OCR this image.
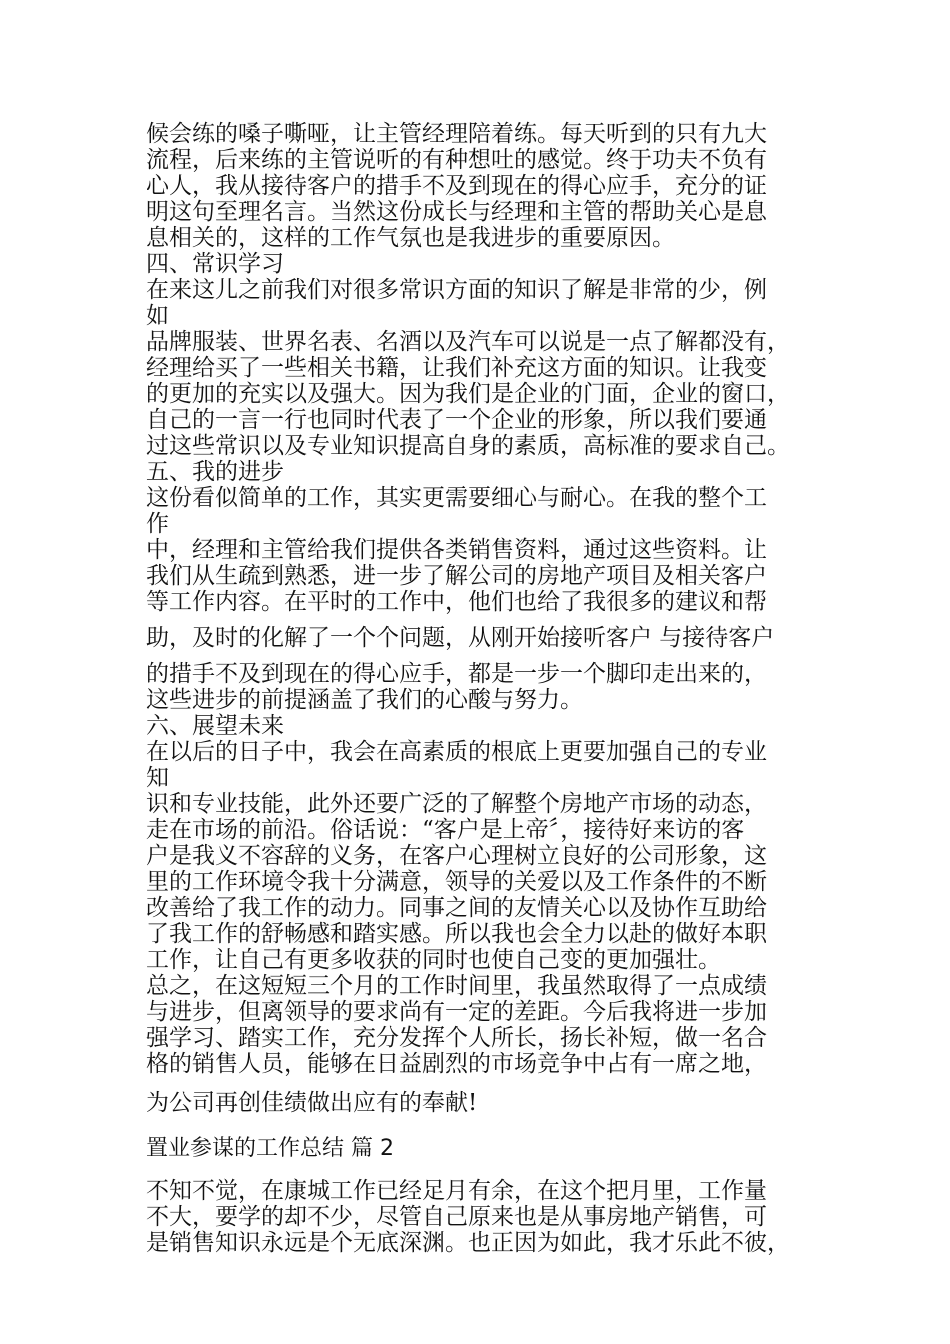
候会练的嗓子嘶哑，让主管经理陪着练。每天听到的只有九大
流程，后来练的主管说听的有种想吐的感觉。终于功夫不负有
心人，我从接待客户的措手不及到现在的得心应手，充分的证
明这句至理名言。当然这份成长与经理和主管的帮助关心是息
息相关的，这样的工作气氛也是我进步的重要原因。
四、常识学习
在来这儿之前我们对很多常识方面的知识了解是非常的少，例
如
品牌服装、世界名表、名酒以及汽车可以说是一点了解都没有，
经理给买了一些相关书籍，让我们补充这方面的知识。让我变
的更加的充实以及强大。因为我们是企业的门面，企业的窗口，
自己的一言一行也同时代表了一个企业的形象，所以我们要通
过这些常识以及专业知识提高自身的素质，高标准的要求自己。
五、我的进步
这份看似简单的工作，其实更需要细心与耐心。在我的整个工
作
中，经理和主管给我们提供各类销售资料，通过这些资料。让
我们从生疏到熟悉，进一步了解公司的房地产项目及相关客户
等工作内容。在平时的工作中，他们也给了我很多的建议和帮
助，及时的化解了一个个问题，从刚开始接听客户 与接待客户
的措手不及到现在的得心应手，都是一步一个脚印走出来的，
这些进步的前提涵盖了我们的心酸与努力。
六、展望未来
在以后的日子中，我会在高素质的根底上更要加强自己的专业
知
识和专业技能，此外还要广泛的了解整个房地产市场的动态，
走在市场的前沿。俗话说：“客户是上帝〞，接待好来访的客
户是我义不容辞的义务，在客户心理树立良好的公司形象，这
里的工作环境令我十分满意，领导的关爱以及工作条件的不断
改善给了我工作的动力。同事之间的友情关心以及协作互助给
了我工作的舒畅感和踏实感。所以我也会全力以赴的做好本职
工作，让自己有更多收获的同时也使自己变的更加强壮。
总之，在这短短三个月的工作时间里，我虽然取得了一点成绩
与进步，但离领导的要求尚有一定的差距。今后我将进一步加
强学习、踏实工作，充分发挥个人所长，扬长补短，做一名合
格的销售人员，能够在日益剧烈的市场竞争中占有一席之地，
为公司再创佳绩做出应有的奉献!
置业参谋的工作总结 篇 2
不知不觉，在康城工作已经足月有余，在这个把月里，工作量
不大，要学的却不少，尽管自己原来也是从事房地产销售，可
是销售知识永远是个无底深渊。也正因为如此，我才乐此不彼，
